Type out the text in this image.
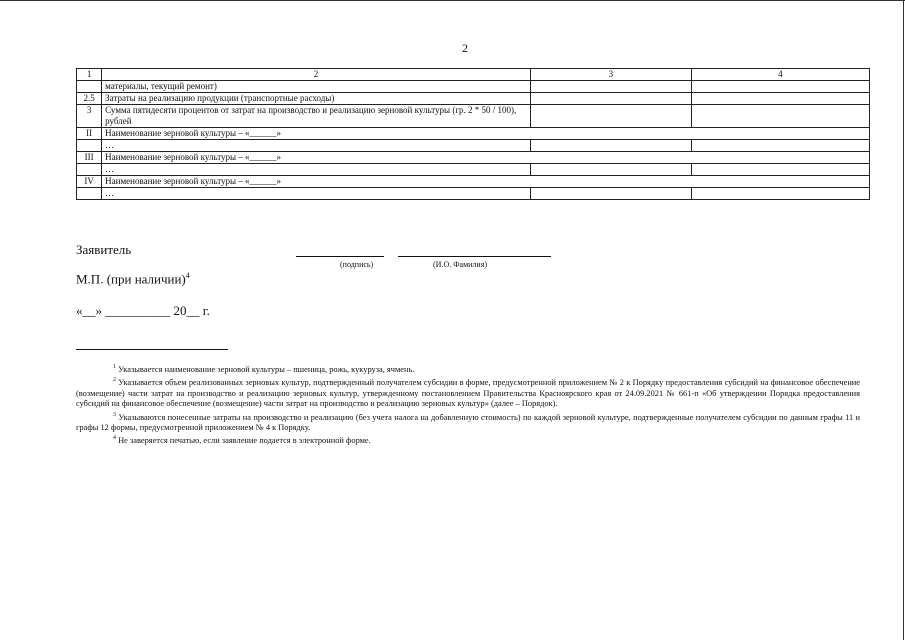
2
1	2	3	4
	материалы, текущий ремонт)		
2.5	Затраты на реализацию продукции (транспортные расходы)		
3	Сумма пятидесяти процентов от затрат на производство и реализацию зерновой культуры (гр. 2 * 50 / 100), рублей		
II	Наименование зерновой культуры – «______»		
	…		
III	Наименование зерновой культуры – «______»		
	…		
IV	Наименование зерновой культуры – «______»		
	…		
Заявитель
(подпись)	(И.О. Фамилия)
М.П. (при наличии)$^4$
«__» __________ 20__ г.

$^1$ Указывается наименование зерновой культуры – пшеница, рожь, кукуруза, ячмень.

$^2$ Указывается объем реализованных зерновых культур, подтвержденный получателем субсидии в форме, предусмотренной приложением № 2 к Порядку предоставления субсидий на финансовое обеспечение (возмещение) части затрат на производство и реализацию зерновых культур, утвержденному постановлением Правительства Красноярского края от 24.09.2021 № 661-п «Об утверждении Порядка предоставления субсидий на финансовое обеспечение (возмещение) части затрат на производство и реализацию зерновых культур» (далее – Порядок).

$^3$ Указываются понесенные затраты на производство и реализацию (без учета налога на добавленную стоимость) по каждой зерновой культуре, подтвержденные получателем субсидии по данным графы 11 и графы 12 формы, предусмотренной приложением № 4 к Порядку.

$^4$ Не заверяется печатью, если заявление подается в электронной форме.
